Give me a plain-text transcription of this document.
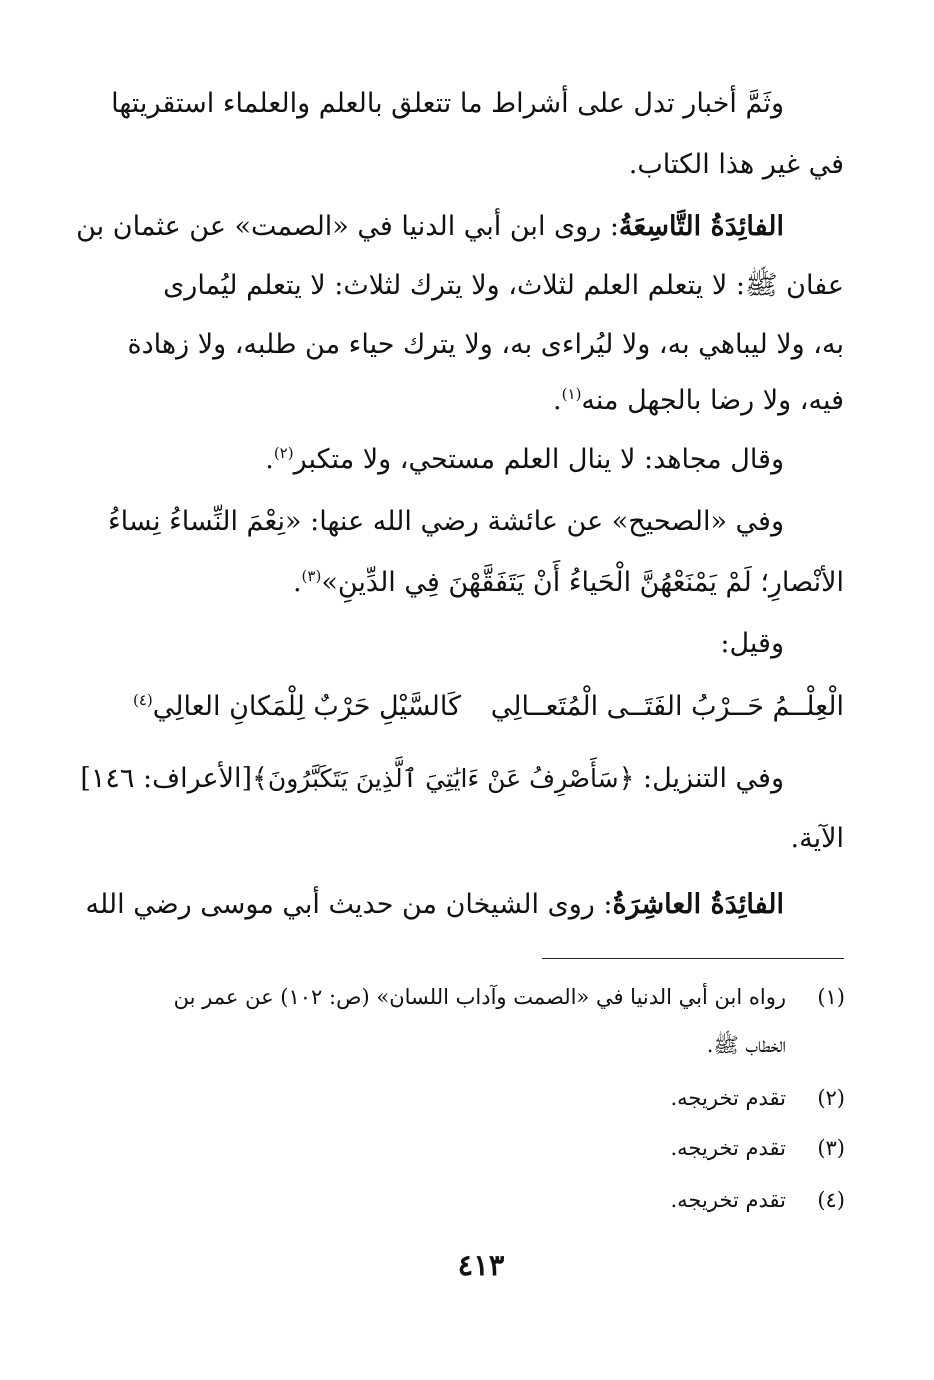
وثَمَّ أخبار تدل على أشراط ما تتعلق بالعلم والعلماء استقريتها
في غير هذا الكتاب.
الفائِدَةُ التَّاسِعَةُ: روى ابن أبي الدنيا في «الصمت» عن عثمان بن
عفان ﷺ: لا يتعلم العلم لثلاث، ولا يترك لثلاث: لا يتعلم ليُمارى
به، ولا ليباهي به، ولا ليُراءى به، ولا يترك حياء من طلبه، ولا زهادة
فيه، ولا رضا بالجهل منه$^{(١)}$.
وقال مجاهد: لا ينال العلم مستحي، ولا متكبر$^{(٢)}$.
وفي «الصحيح» عن عائشة رضي الله عنها: «نِعْمَ النِّساءُ نِساءُ
الأنْصارِ؛ لَمْ يَمْنَعْهُنَّ الْحَياءُ أَنْ يَتَفَقَّهْنَ فِي الدِّينِ»$^{(٣)}$.
وقيل:
الْعِلْــمُ حَــرْبُ الفَتَــى الْمُتَعــالِي
كَالسَّيْلِ حَرْبٌ لِلْمَكانِ العالِي$^{(٤)}$
وفي التنزيل: ﴿سَأَصْرِفُ عَنْ ءَايَٰتِيَ ٱلَّذِينَ يَتَكَبَّرُونَ﴾[الأعراف: ١٤٦]
الآية.
الفائِدَةُ العاشِرَةُ: روى الشيخان من حديث أبي موسى رضي الله
(١)
رواه ابن أبي الدنيا في «الصمت وآداب اللسان» (ص: ١٠٢) عن عمر بن
الخطاب ﷺ.
(٢)
تقدم تخريجه.
(٣)
تقدم تخريجه.
(٤)
تقدم تخريجه.
٤١٣
